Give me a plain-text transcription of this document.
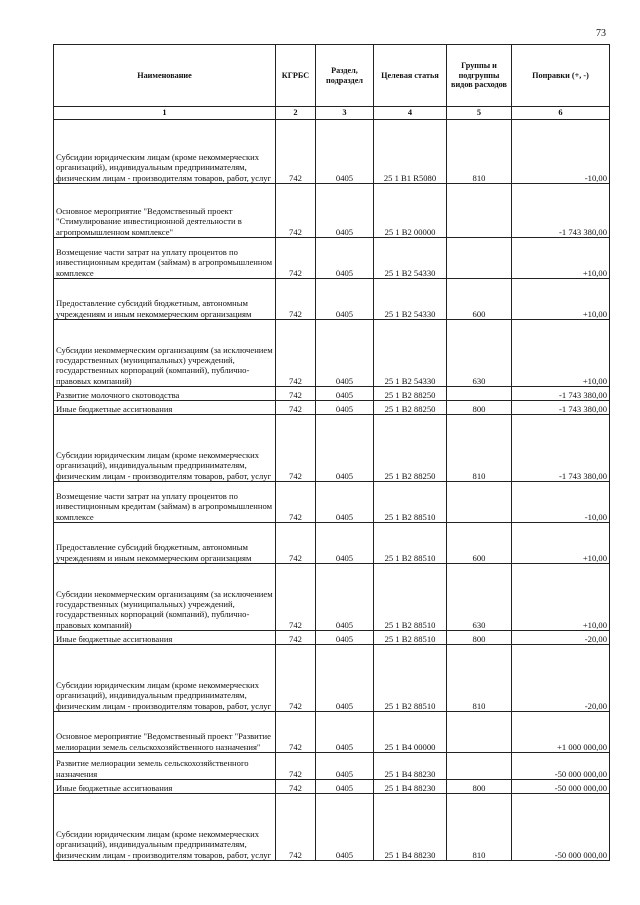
73
Наименование	КГРБС	Раздел, подраздел	Целевая статья	Группы и подгруппы видов расходов	Поправки (+, -)
1	2	3	4	5	6
Субсидии юридическим лицам (кроме некоммерческих организаций), индивидуальным предпринимателям, физическим лицам - производителям товаров, работ, услуг	742	0405	25 1 В1 R5080	810	-10,00
Основное мероприятие "Ведомственный проект "Стимулирование инвестиционной деятельности в агропромышленном комплексе"	742	0405	25 1 В2 00000		-1 743 380,00
Возмещение части затрат на уплату процентов по инвестиционным кредитам (займам) в агропромышленном комплексе	742	0405	25 1 В2 54330		+10,00
Предоставление субсидий бюджетным, автономным учреждениям и иным некоммерческим организациям	742	0405	25 1 В2 54330	600	+10,00
Субсидии некоммерческим организациям (за исключением государственных (муниципальных) учреждений, государственных корпораций (компаний), публично-правовых компаний)	742	0405	25 1 В2 54330	630	+10,00
Развитие молочного скотоводства	742	0405	25 1 В2 88250		-1 743 380,00
Иные бюджетные ассигнования	742	0405	25 1 В2 88250	800	-1 743 380,00
Субсидии юридическим лицам (кроме некоммерческих организаций), индивидуальным предпринимателям, физическим лицам - производителям товаров, работ, услуг	742	0405	25 1 В2 88250	810	-1 743 380,00
Возмещение части затрат на уплату процентов по инвестиционным кредитам (займам) в агропромышленном комплексе	742	0405	25 1 В2 88510		-10,00
Предоставление субсидий бюджетным, автономным учреждениям и иным некоммерческим организациям	742	0405	25 1 В2 88510	600	+10,00
Субсидии некоммерческим организациям (за исключением государственных (муниципальных) учреждений, государственных корпораций (компаний), публично-правовых компаний)	742	0405	25 1 В2 88510	630	+10,00
Иные бюджетные ассигнования	742	0405	25 1 В2 88510	800	-20,00
Субсидии юридическим лицам (кроме некоммерческих организаций), индивидуальным предпринимателям, физическим лицам - производителям товаров, работ, услуг	742	0405	25 1 В2 88510	810	-20,00
Основное мероприятие "Ведомственный проект "Развитие мелиорации земель сельскохозяйственного назначения"	742	0405	25 1 В4 00000		+1 000 000,00
Развитие мелиорации земель сельскохозяйственного назначения	742	0405	25 1 В4 88230		-50 000 000,00
Иные бюджетные ассигнования	742	0405	25 1 В4 88230	800	-50 000 000,00
Субсидии юридическим лицам (кроме некоммерческих организаций), индивидуальным предпринимателям, физическим лицам - производителям товаров, работ, услуг	742	0405	25 1 В4 88230	810	-50 000 000,00
